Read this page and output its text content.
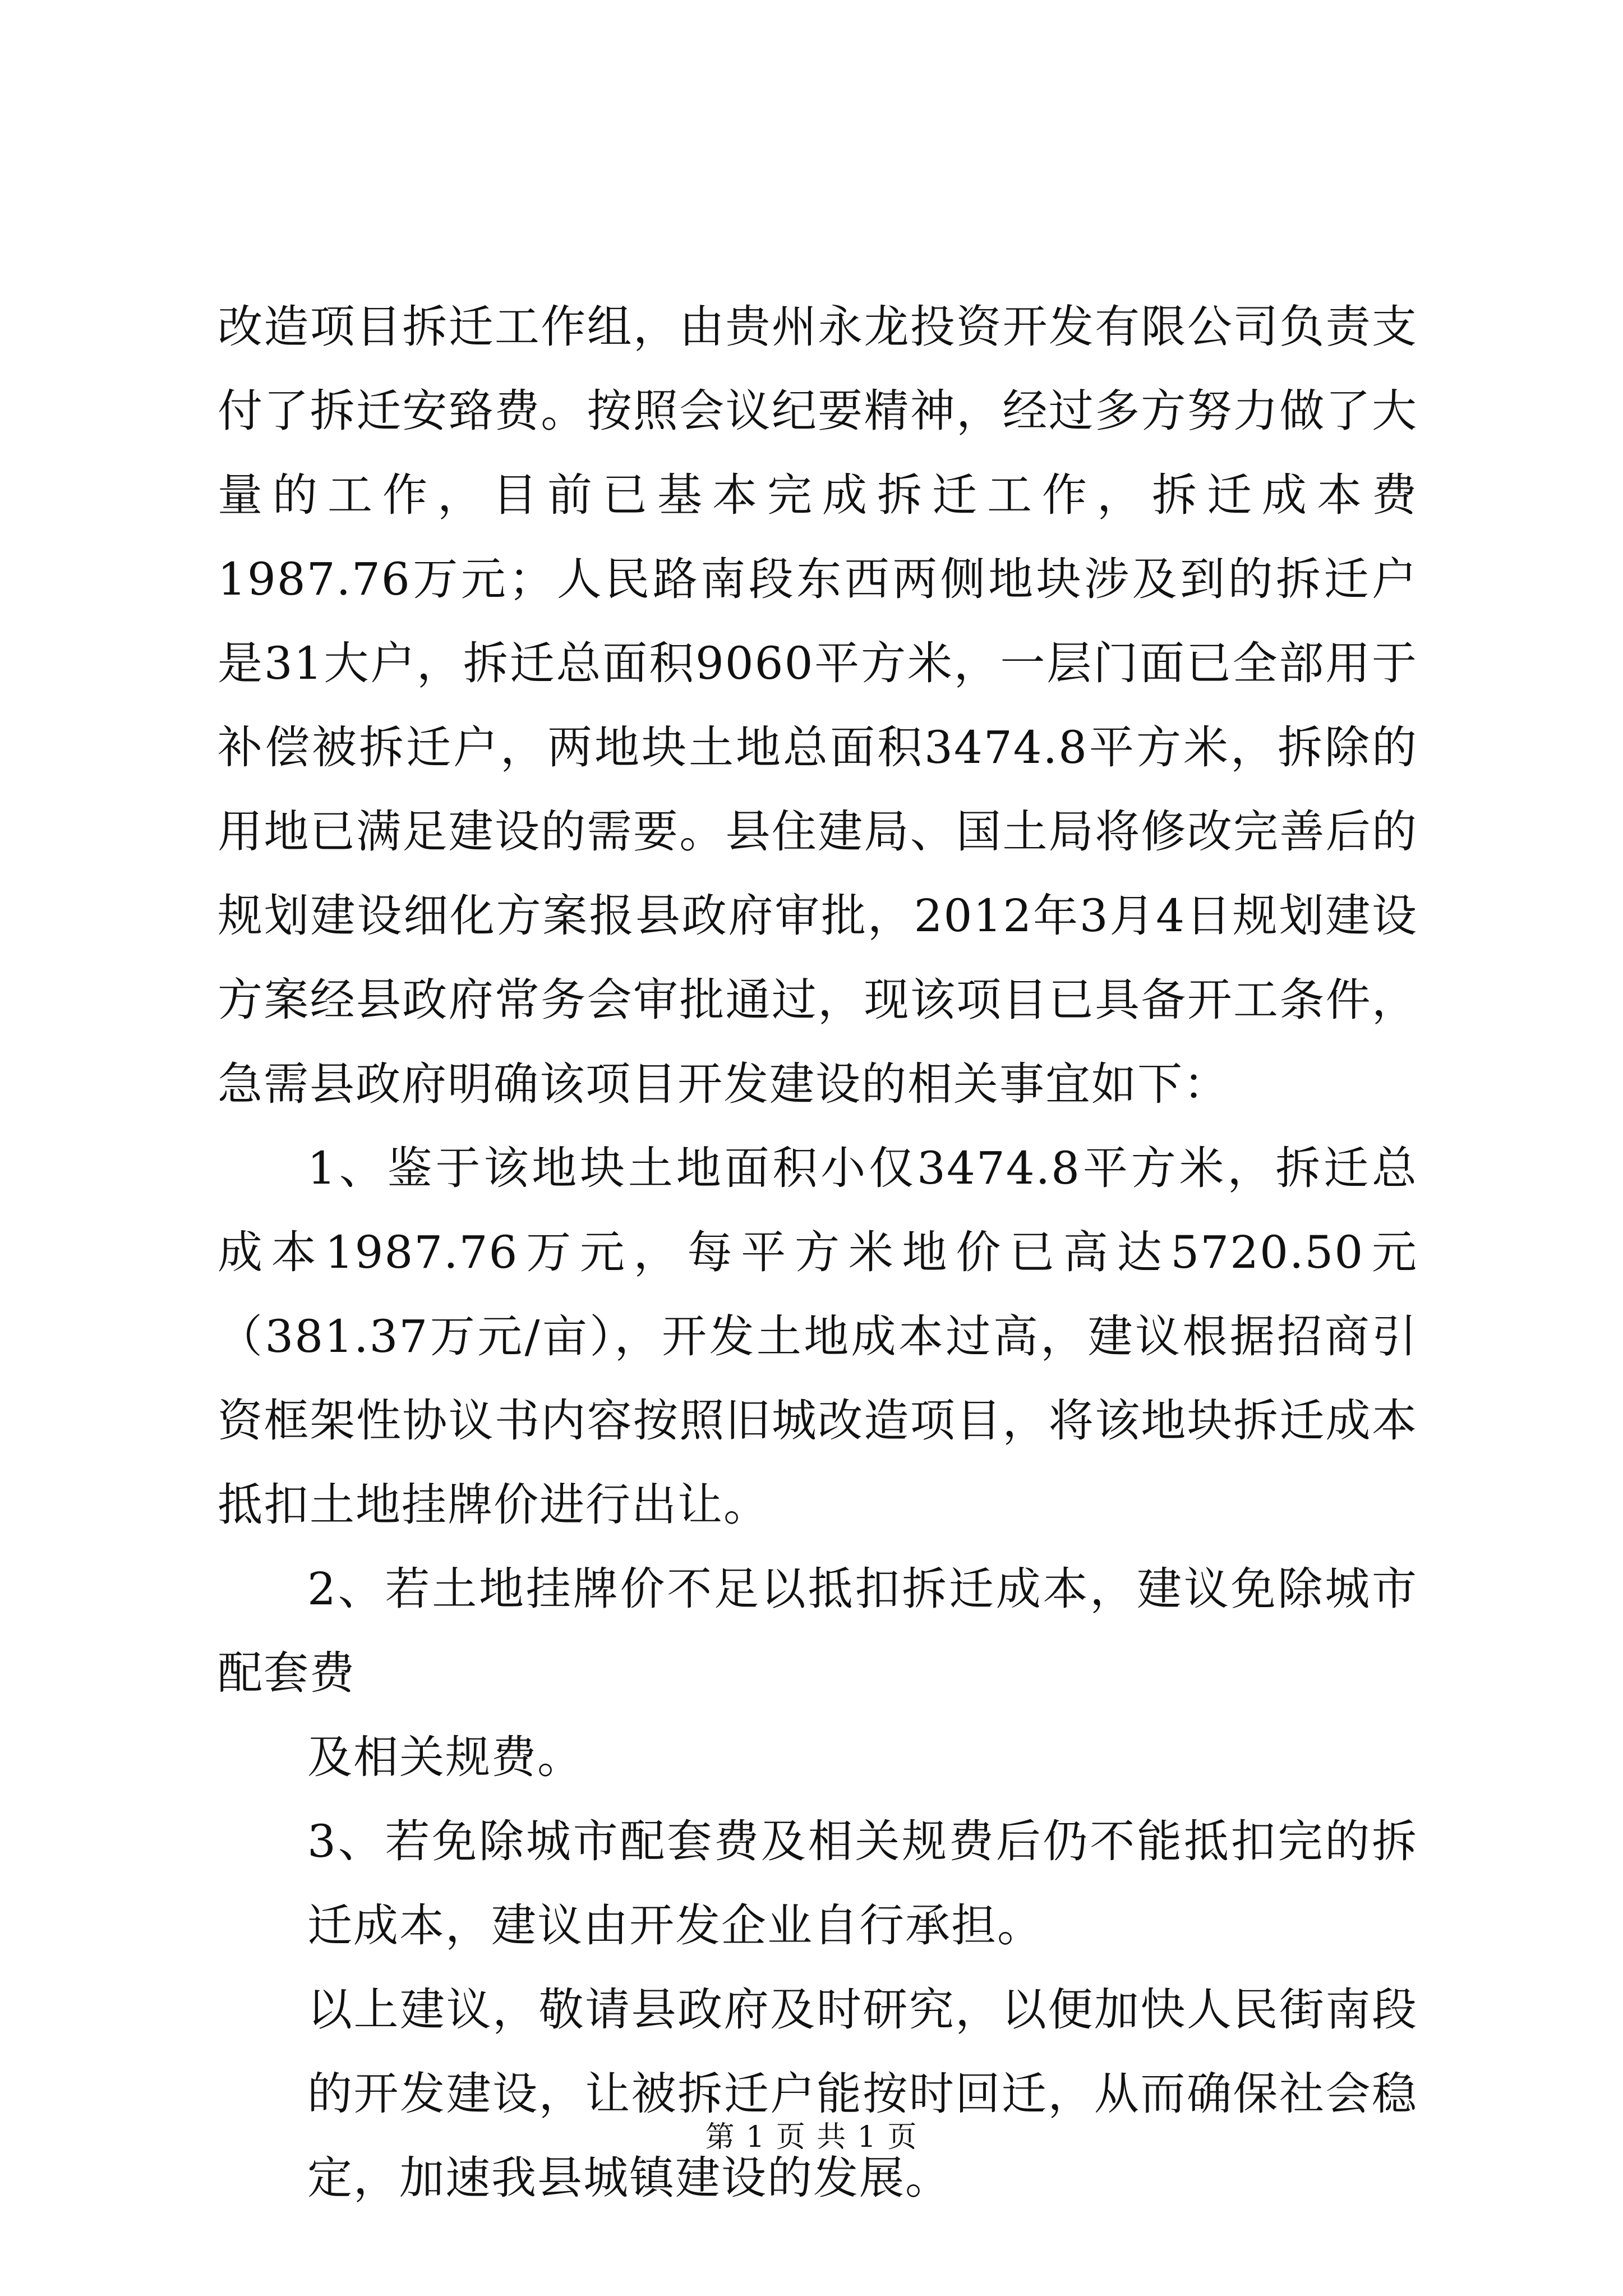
改造项目拆迁工作组，由贵州永龙投资开发有限公司负责支付了拆迁安臵费。按照会议纪要精神，经过多方努力做了大量的工作，目前已基本完成拆迁工作，拆迁成本费1987.76万元；人民路南段东西两侧地块涉及到的拆迁户是31大户，拆迁总面积9060平方米，一层门面已全部用于补偿被拆迁户，两地块土地总面积3474.8平方米，拆除的用地已满足建设的需要。县住建局、国土局将修改完善后的规划建设细化方案报县政府审批，2012年3月4日规划建设方案经县政府常务会审批通过，现该项目已具备开工条件，急需县政府明确该项目开发建设的相关事宜如下：

1、鉴于该地块土地面积小仅3474.8平方米，拆迁总成本1987.76万元，每平方米地价已高达5720.50元（381.37万元/亩），开发土地成本过高，建议根据招商引资框架性协议书内容按照旧城改造项目，将该地块拆迁成本抵扣土地挂牌价进行出让。

2、若土地挂牌价不足以抵扣拆迁成本，建议免除城市配套费

及相关规费。

3、若免除城市配套费及相关规费后仍不能抵扣完的拆迁成本，建议由开发企业自行承担。

以上建议，敬请县政府及时研究，以便加快人民街南段的开发建设，让被拆迁户能按时回迁，从而确保社会稳定，加速我县城镇建设的发展。

第 1 页 共 1 页
